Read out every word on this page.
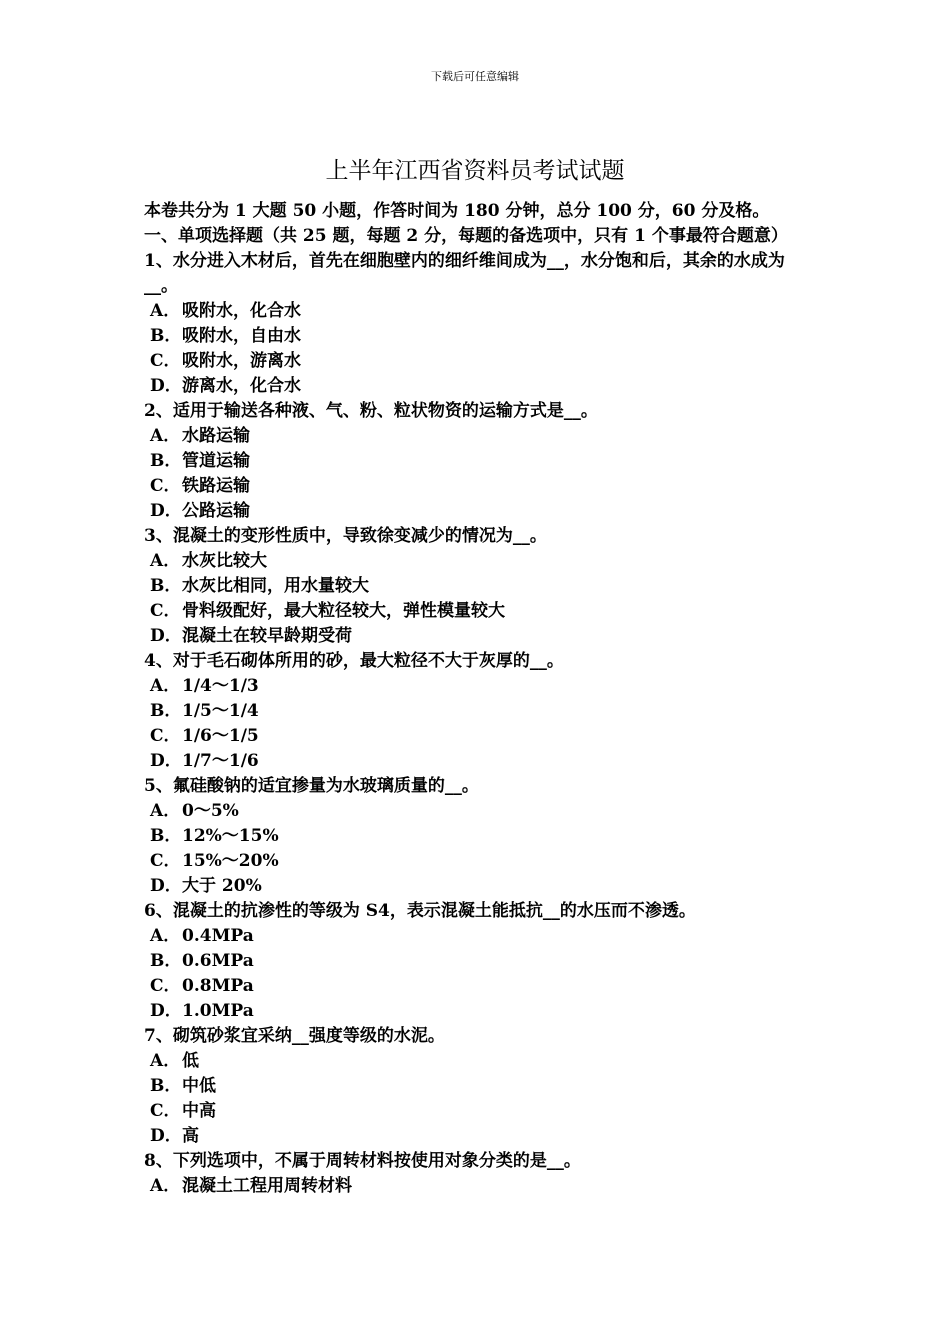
下载后可任意编辑
上半年江西省资料员考试试题

本卷共分为 1 大题 50 小题，作答时间为 180 分钟，总分 100 分，60 分及格。

一、单项选择题（共 25 题，每题 2 分，每题的备选项中，只有 1 个事最符合题意）

1、水分进入木材后，首先在细胞壁内的细纤维间成为__，水分饱和后，其余的水成为__。

A． 吸附水，化合水

B．吸附水，自由水

C．吸附水，游离水

D．游离水，化合水

2、适用于输送各种液、气、粉、粒状物资的运输方式是__。

A． 水路运输

B．管道运输

C．铁路运输

D．公路运输

3、混凝土的变形性质中，导致徐变减少的情况为__。

A． 水灰比较大

B．水灰比相同，用水量较大

C．骨料级配好，最大粒径较大，弹性模量较大

D．混凝土在较早龄期受荷

4、对于毛石砌体所用的砂，最大粒径不大于灰厚的__。

A． 1/4～1/3

B．1/5～1/4

C．1/6～1/5

D．1/7～1/6

5、氟硅酸钠的适宜掺量为水玻璃质量的__。

A． 0～5%

B．12%～15%

C．15%～20%

D．大于 20%

6、混凝土的抗渗性的等级为 S4，表示混凝土能抵抗__的水压而不渗透。

A． 0.4MPa

B．0.6MPa

C．0.8MPa

D．1.0MPa

7、砌筑砂浆宜采纳__强度等级的水泥。

A． 低

B．中低

C．中高

D．高

8、下列选项中，不属于周转材料按使用对象分类的是__。

A． 混凝土工程用周转材料
